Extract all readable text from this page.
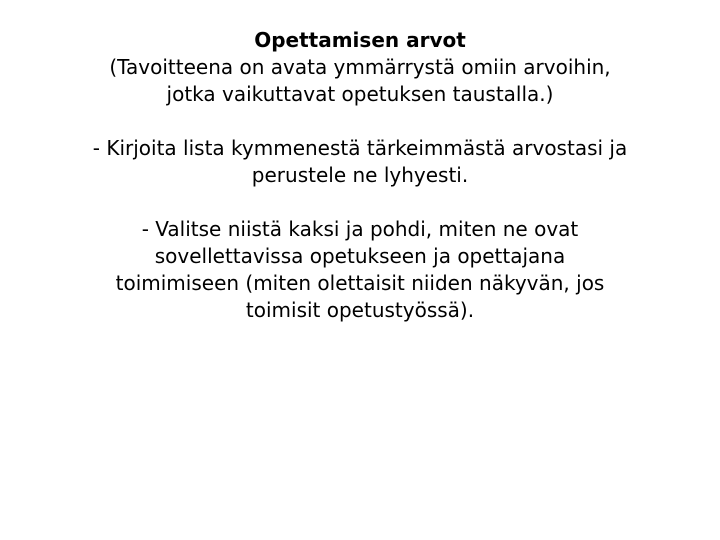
Opettamisen arvot
(Tavoitteena on avata ymmärrystä omiin arvoihin, jotka vaikuttavat opetuksen taustalla.)
- Kirjoita lista kymmenestä tärkeimmästä arvostasi ja perustele ne lyhyesti.
- Valitse niistä kaksi ja pohdi, miten ne ovat sovellettavissa opetukseen ja opettajana toimimiseen (miten olettaisit niiden näkyvän, jos toimisit opetustyössä).
